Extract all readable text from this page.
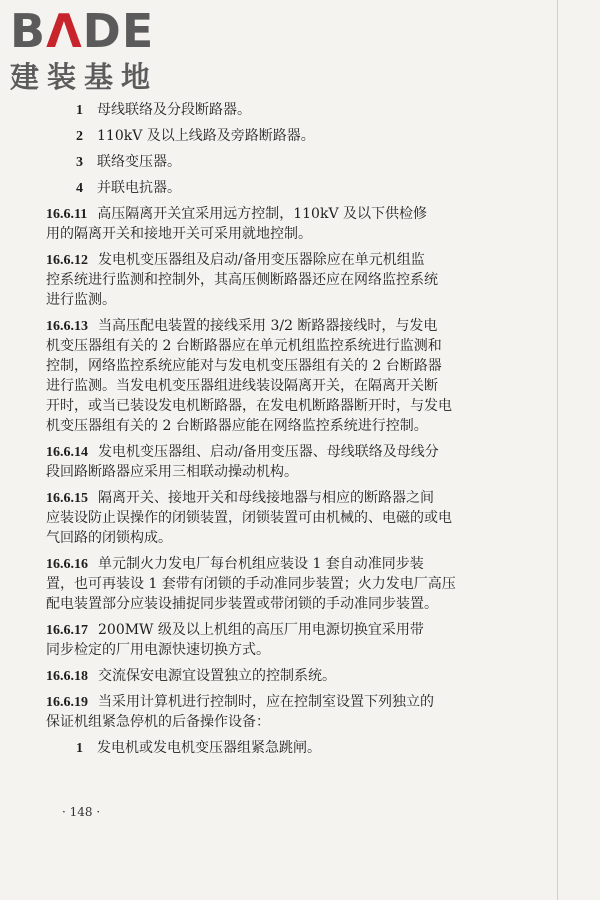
BΛDE
建装基地
1　 母线联络及分段断路器。
2　 110kV 及以上线路及旁路断路器。
3　 联络变压器。
4　 并联电抗器。
16.6.11 高压隔离开关宜采用远方控制，110kV 及以下供检修
用的隔离开关和接地开关可采用就地控制。
16.6.12 发电机变压器组及启动/备用变压器除应在单元机组监
控系统进行监测和控制外，其高压侧断路器还应在网络监控系统
进行监测。
16.6.13 当高压配电装置的接线采用 3/2 断路器接线时，与发电
机变压器组有关的 2 台断路器应在单元机组监控系统进行监测和
控制，网络监控系统应能对与发电机变压器组有关的 2 台断路器
进行监测。当发电机变压器组进线装设隔离开关，在隔离开关断
开时，或当已装设发电机断路器，在发电机断路器断开时，与发电
机变压器组有关的 2 台断路器应能在网络监控系统进行控制。
16.6.14 发电机变压器组、启动/备用变压器、母线联络及母线分
段回路断路器应采用三相联动操动机构。
16.6.15 隔离开关、接地开关和母线接地器与相应的断路器之间
应装设防止误操作的闭锁装置，闭锁装置可由机械的、电磁的或电
气回路的闭锁构成。
16.6.16 单元制火力发电厂每台机组应装设 1 套自动准同步装
置，也可再装设 1 套带有闭锁的手动准同步装置；火力发电厂高压
配电装置部分应装设捕捉同步装置或带闭锁的手动准同步装置。
16.6.17 200MW 级及以上机组的高压厂用电源切换宜采用带
同步检定的厂用电源快速切换方式。
16.6.18 交流保安电源宜设置独立的控制系统。
16.6.19 当采用计算机进行控制时，应在控制室设置下列独立的
保证机组紧急停机的后备操作设备：
1　 发电机或发电机变压器组紧急跳闸。
· 148 ·
